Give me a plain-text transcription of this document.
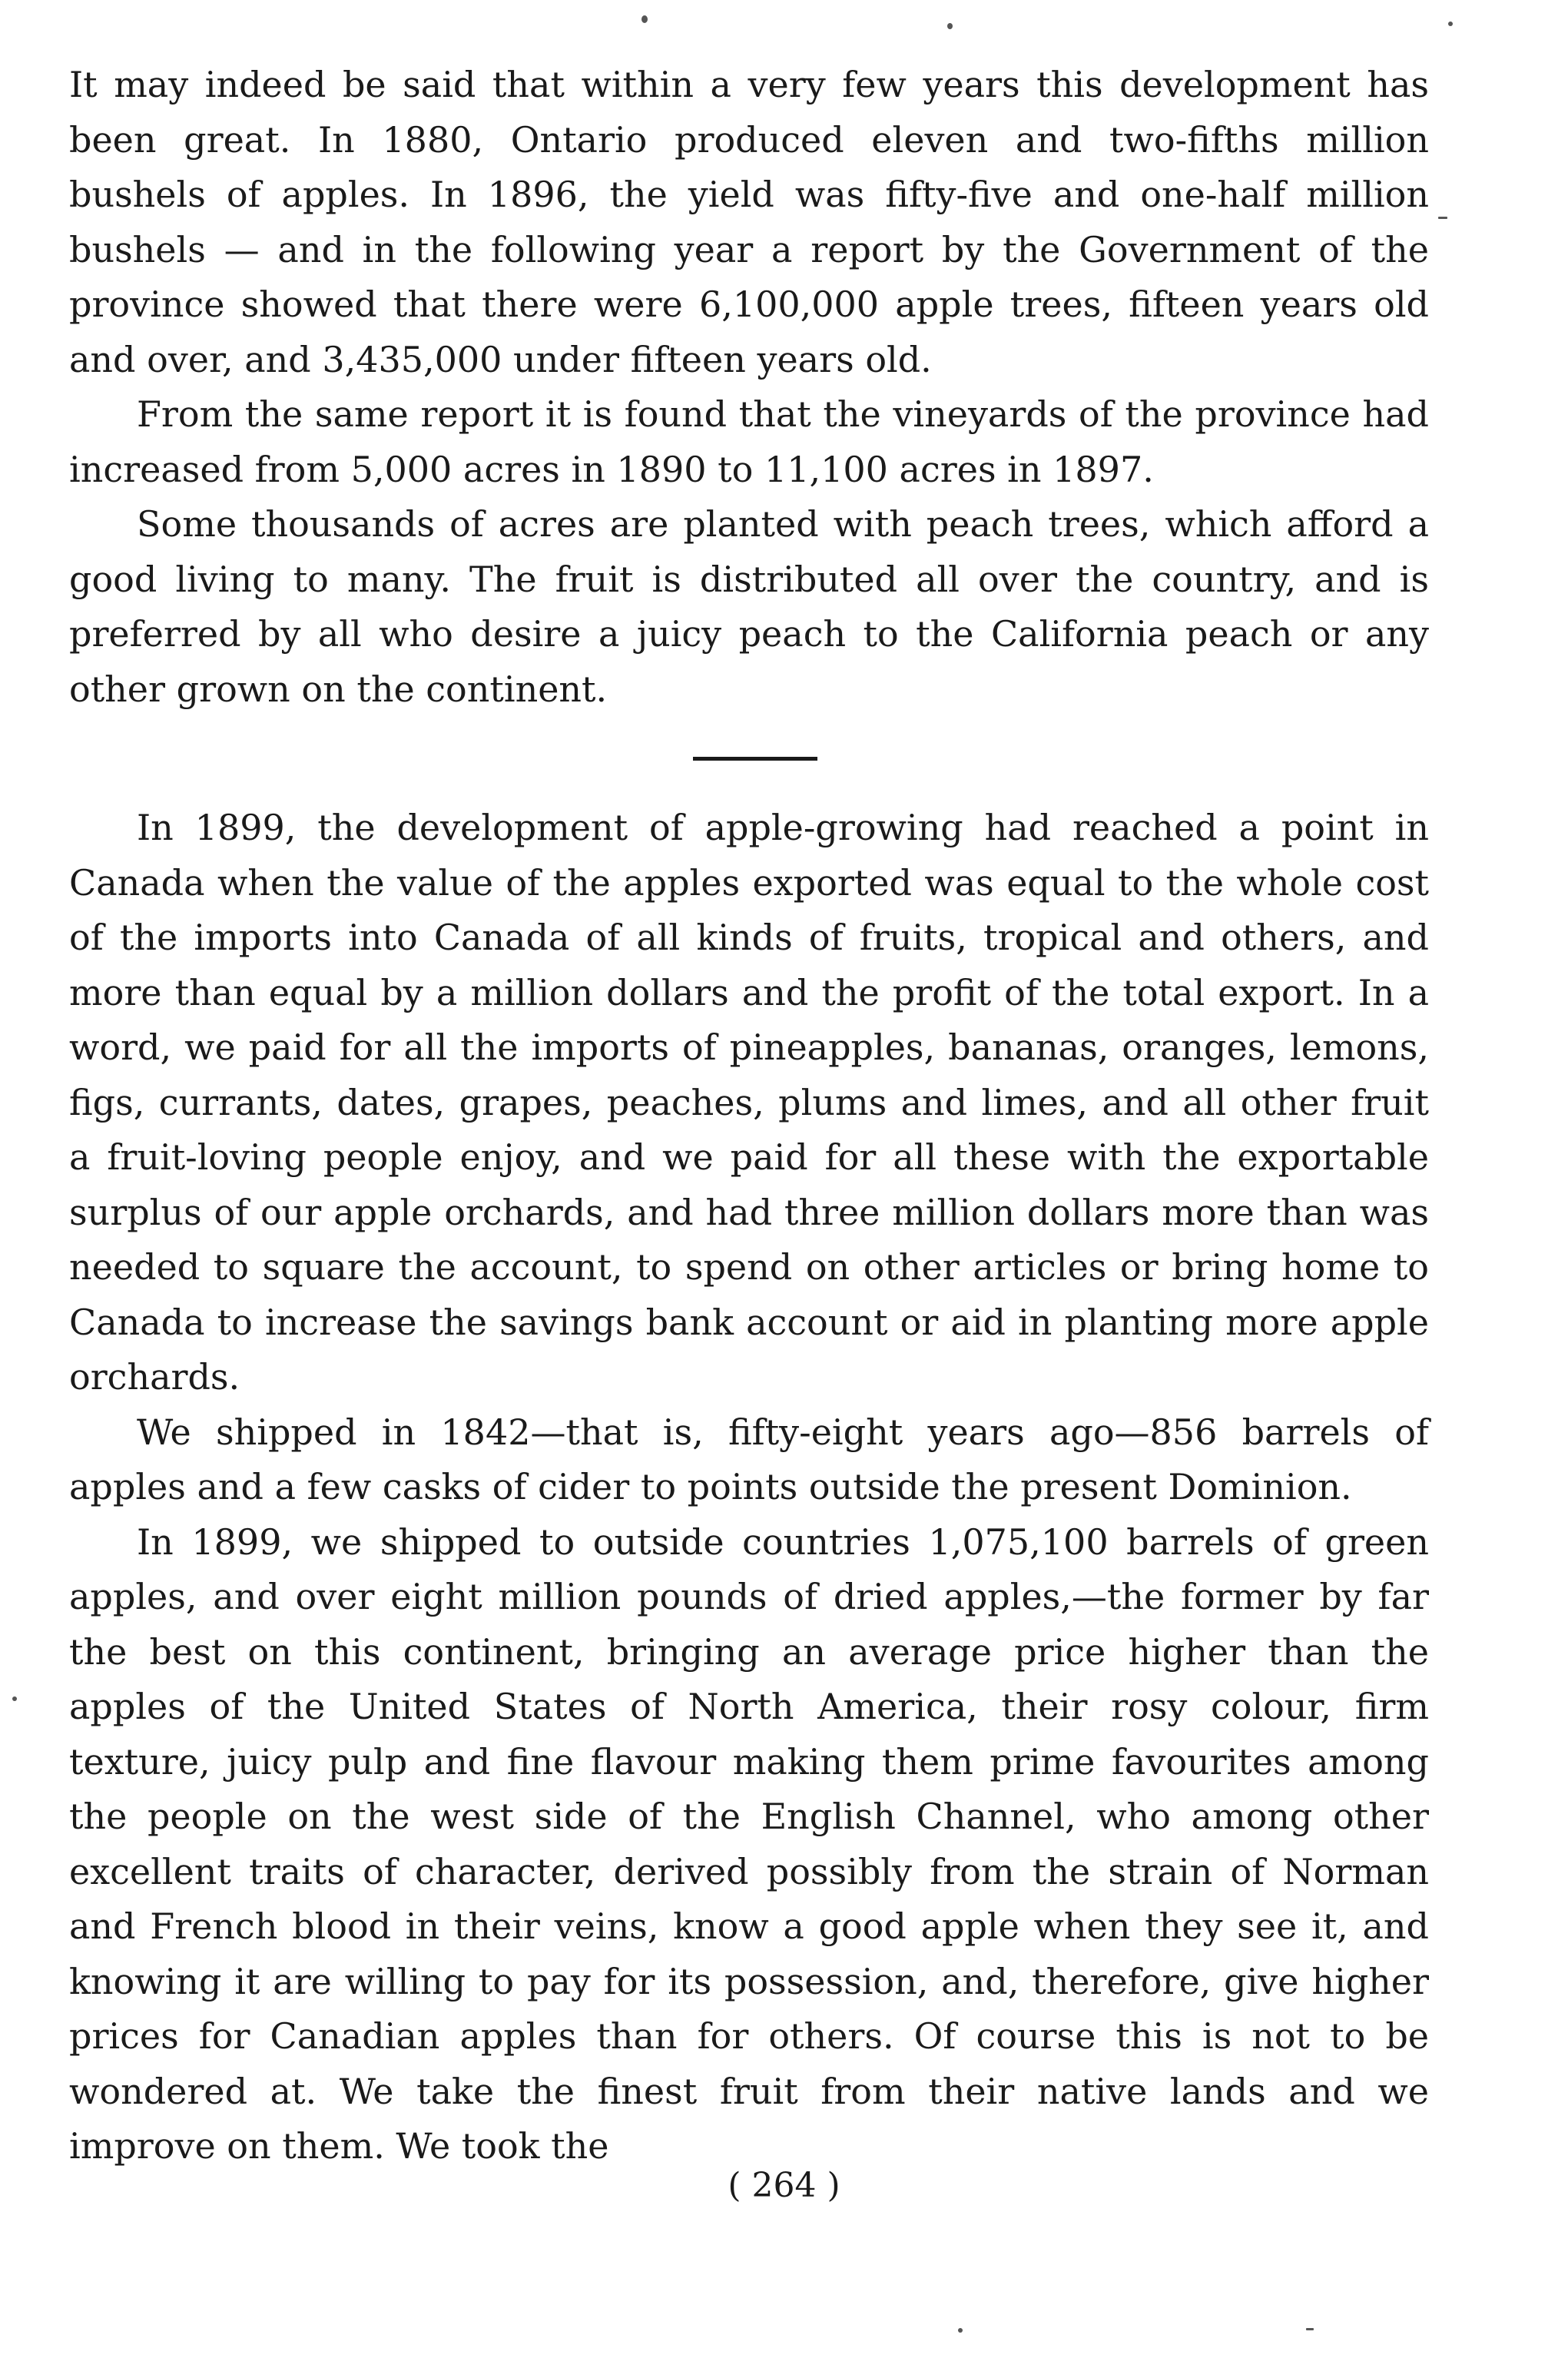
It may indeed be said that within a very few years this development has been great. In 1880, Ontario produced eleven and two-fifths million bushels of apples. In 1896, the yield was fifty-five and one-half million bushels — and in the following year a report by the Government of the province showed that there were 6,100,000 apple trees, fifteen years old and over, and 3,435,000 under fifteen years old.

From the same report it is found that the vineyards of the province had increased from 5,000 acres in 1890 to 11,100 acres in 1897.

Some thousands of acres are planted with peach trees, which afford a good living to many. The fruit is distributed all over the country, and is preferred by all who desire a juicy peach to the California peach or any other grown on the continent.

In 1899, the development of apple-growing had reached a point in Canada when the value of the apples exported was equal to the whole cost of the imports into Canada of all kinds of fruits, tropical and others, and more than equal by a million dollars and the profit of the total export. In a word, we paid for all the imports of pineapples, bananas, oranges, lemons, figs, currants, dates, grapes, peaches, plums and limes, and all other fruit a fruit-loving people enjoy, and we paid for all these with the exportable surplus of our apple orchards, and had three million dollars more than was needed to square the account, to spend on other articles or bring home to Canada to increase the savings bank account or aid in planting more apple orchards.

We shipped in 1842—that is, fifty-eight years ago—856 barrels of apples and a few casks of cider to points outside the present Dominion.

In 1899, we shipped to outside countries 1,075,100 barrels of green apples, and over eight million pounds of dried apples,—the former by far the best on this continent, bringing an average price higher than the apples of the United States of North America, their rosy colour, firm texture, juicy pulp and fine flavour making them prime favourites among the people on the west side of the English Channel, who among other excellent traits of character, derived possibly from the strain of Norman and French blood in their veins, know a good apple when they see it, and knowing it are willing to pay for its possession, and, therefore, give higher prices for Canadian apples than for others. Of course this is not to be wondered at. We take the finest fruit from their native lands and we improve on them. We took the

( 264 )
